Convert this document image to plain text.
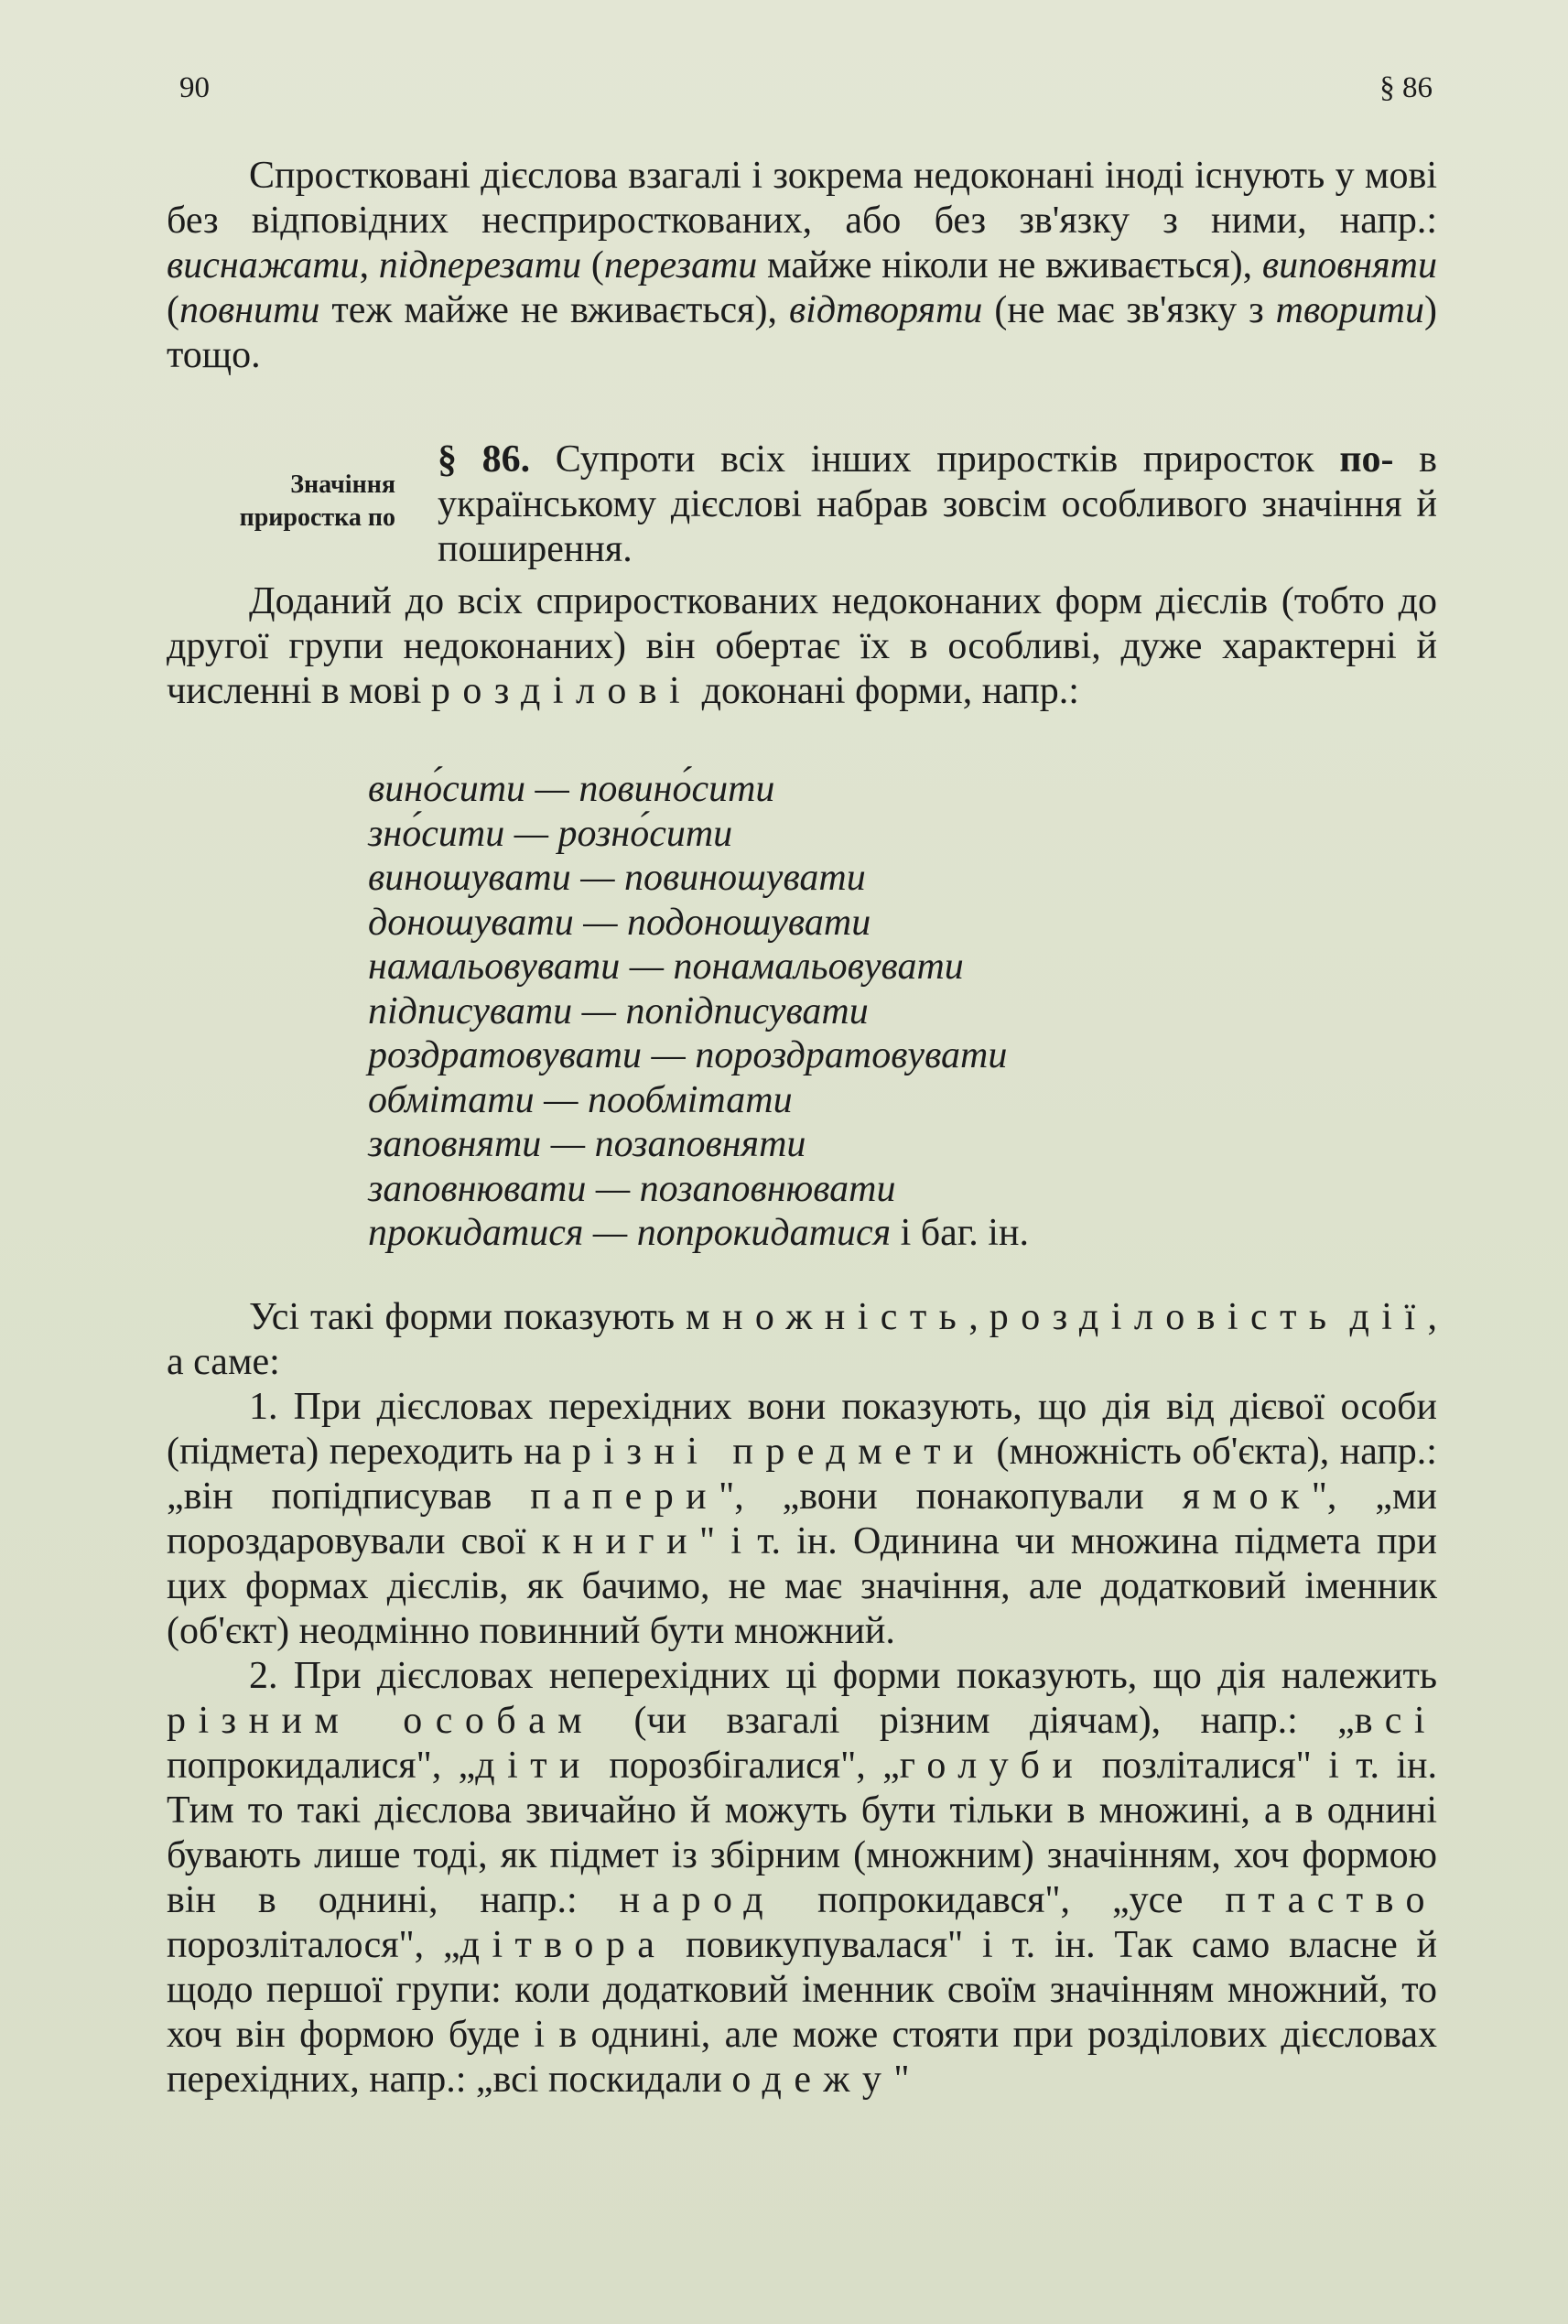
90	§ 86

Спростковані дієслова взагалі і зокрема недоконані іноді існують у мові без відповідних несприростковaних, або без зв'язку з ними, напр.: виснажати, підперезати (перезати майже ніколи не вживається), виповняти (повнити теж майже не вживається), відтворяти (не має зв'язку з творити) тощо.

Значіння приростка по
§ 86. Супроти всіх інших приростків приросток по- в українському дієслові набрав зовсім особливого значіння й поширення.

Доданий до всіх сприростковaних недоконаних форм дієслів (тобто до другої групи недоконаних) він обертає їх в особливі, дуже характерні й численні в мові розділові доконані форми, напр.:

вино́сити — повино́сити
зно́сити — розно́сити
виношувати — повиношувати
доношувати — подоношувати
намальовувати — понамальовувати
підписувати — попідписувати
роздратовувати — пороздратовувати
обмітати — пообмітати
заповняти — позаповняти
заповнювати — позаповнювати
прокидатися — попрокидатися і баг. ін.

Усі такі форми показують множність, розділовість дії, а саме:

1. При дієсловах перехідних вони показують, що дія від дієвої особи (підмета) переходить на різні предмети (множність об'єкта), напр.: „він попідписував папери", „вони понакопували ямок", „ми пороздаровували свої книги" і т. ін. Одинина чи множина підмета при цих формах дієслів, як бачимо, не має значіння, але додатковий іменник (об'єкт) неодмінно повинний бути множний.

2. При дієсловах неперехідних ці форми показують, що дія належить різним особам (чи взагалі різним діячам), напр.: „всі попрокидалися", „діти порозбігалися", „голуби позліталися" і т. ін. Тим то такі дієслова звичайно й можуть бути тільки в множині, а в однині бувають лише тоді, як підмет із збірним (множним) значінням, хоч формою він в однині, напр.: народ попрокидався", „усе птаство порозліталося", „дітвора повикупувалася" і т. ін. Так само власне й щодо першої групи: коли додатковий іменник своїм значінням множний, то хоч він формою буде і в однині, але може стояти при розділових дієсловах перехідних, напр.: „всі поскидали одежу"
